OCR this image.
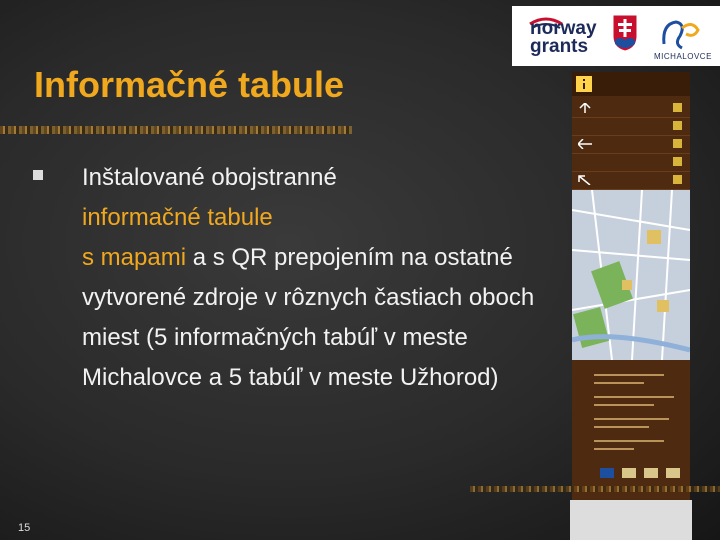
Informačné tabule
Inštalované obojstranné
informačné tabule
s mapami a s QR prepojením na ostatné vytvorené zdroje v rôznych častiach oboch miest (5 informačných tabúľ v meste Michalovce a 5 tabúľ v meste Užhorod)
15
norway grants	MICHALOVCE
